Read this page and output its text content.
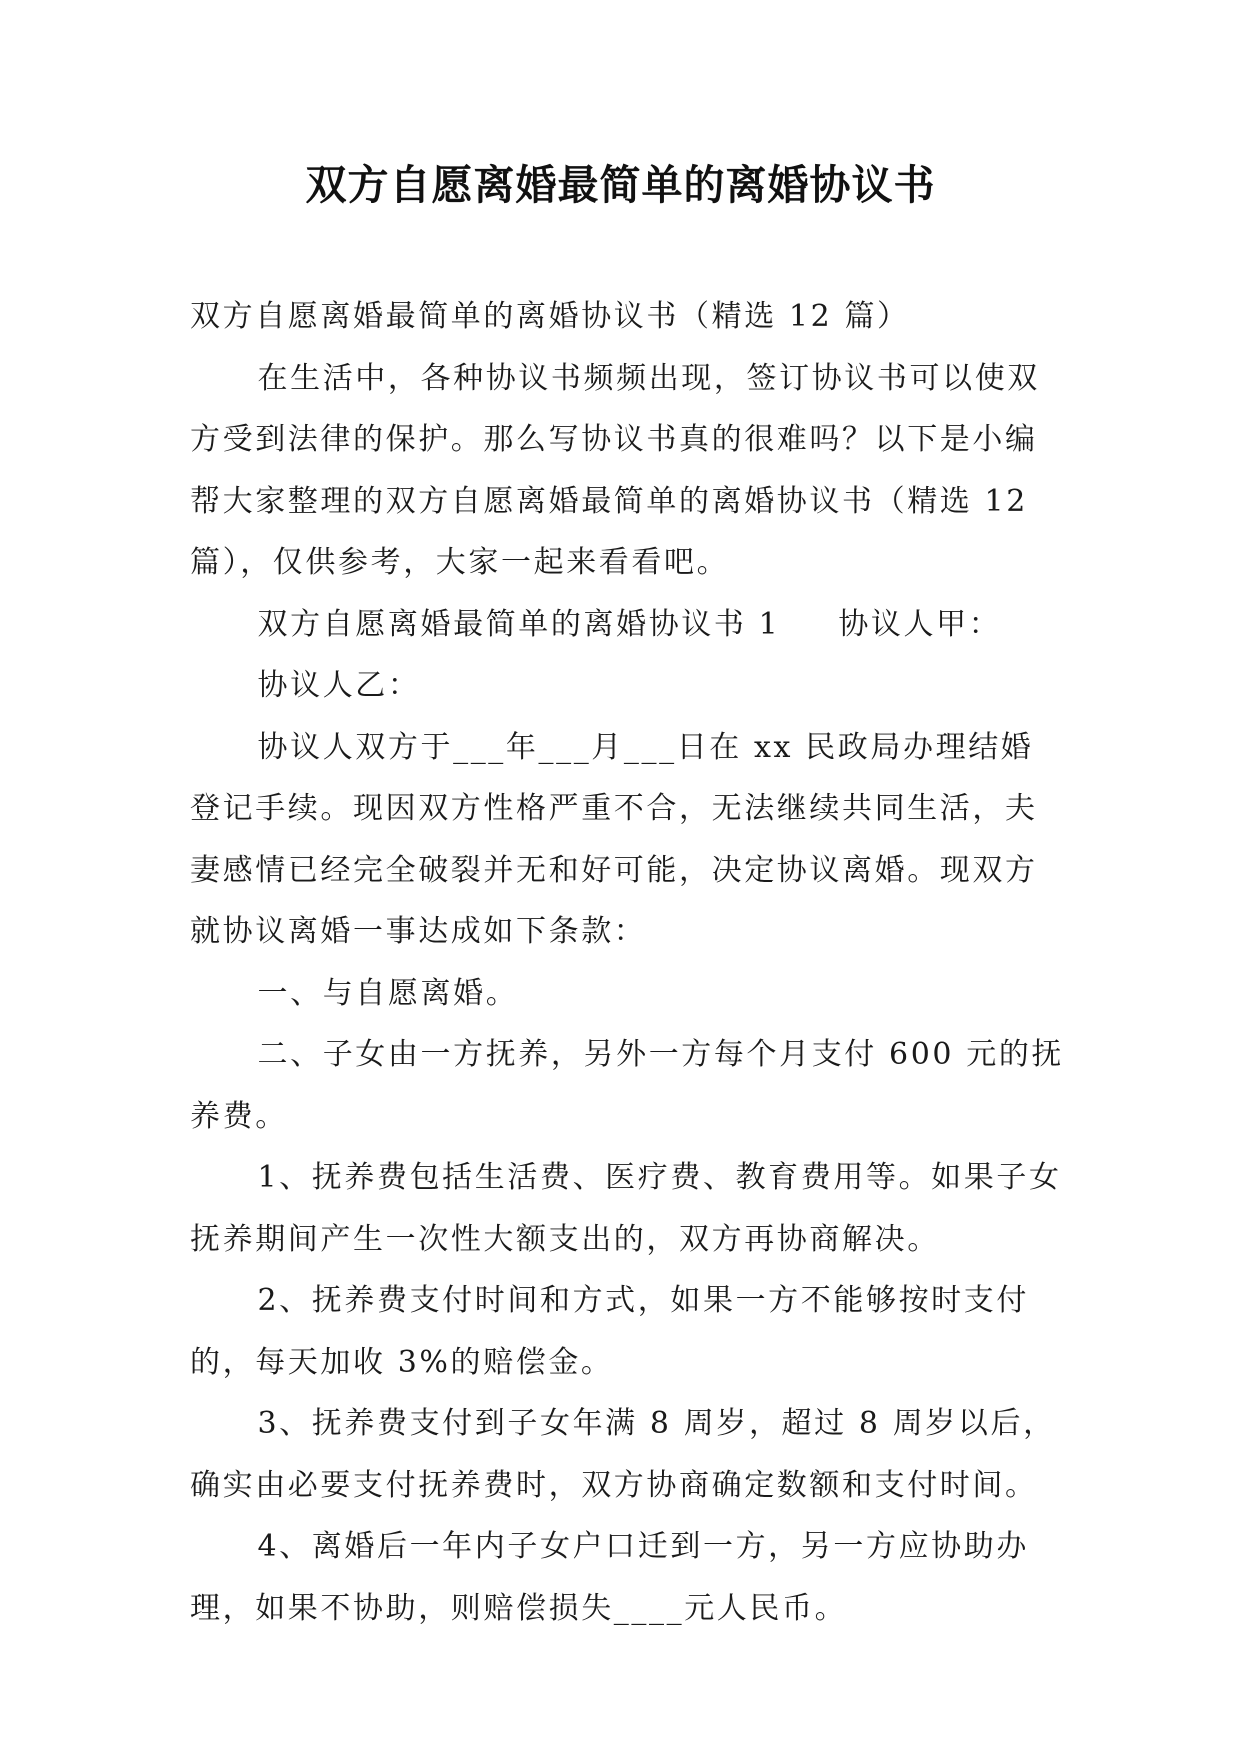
双方自愿离婚最简单的离婚协议书

双方自愿离婚最简单的离婚协议书（精选 12 篇）

在生活中，各种协议书频频出现，签订协议书可以使双方受到法律的保护。那么写协议书真的很难吗？以下是小编帮大家整理的双方自愿离婚最简单的离婚协议书（精选 12 篇），仅供参考，大家一起来看看吧。

双方自愿离婚最简单的离婚协议书 1 协议人甲：

协议人乙：

协议人双方于___年___月___日在 xx 民政局办理结婚登记手续。现因双方性格严重不合，无法继续共同生活，夫妻感情已经完全破裂并无和好可能，决定协议离婚。现双方就协议离婚一事达成如下条款：

一、与自愿离婚。

二、子女由一方抚养，另外一方每个月支付 600 元的抚养费。

1、抚养费包括生活费、医疗费、教育费用等。如果子女抚养期间产生一次性大额支出的，双方再协商解决。

2、抚养费支付时间和方式，如果一方不能够按时支付的，每天加收 3%的赔偿金。

3、抚养费支付到子女年满 8 周岁，超过 8 周岁以后，确实由必要支付抚养费时，双方协商确定数额和支付时间。

4、离婚后一年内子女户口迁到一方，另一方应协助办理，如果不协助，则赔偿损失____元人民币。
